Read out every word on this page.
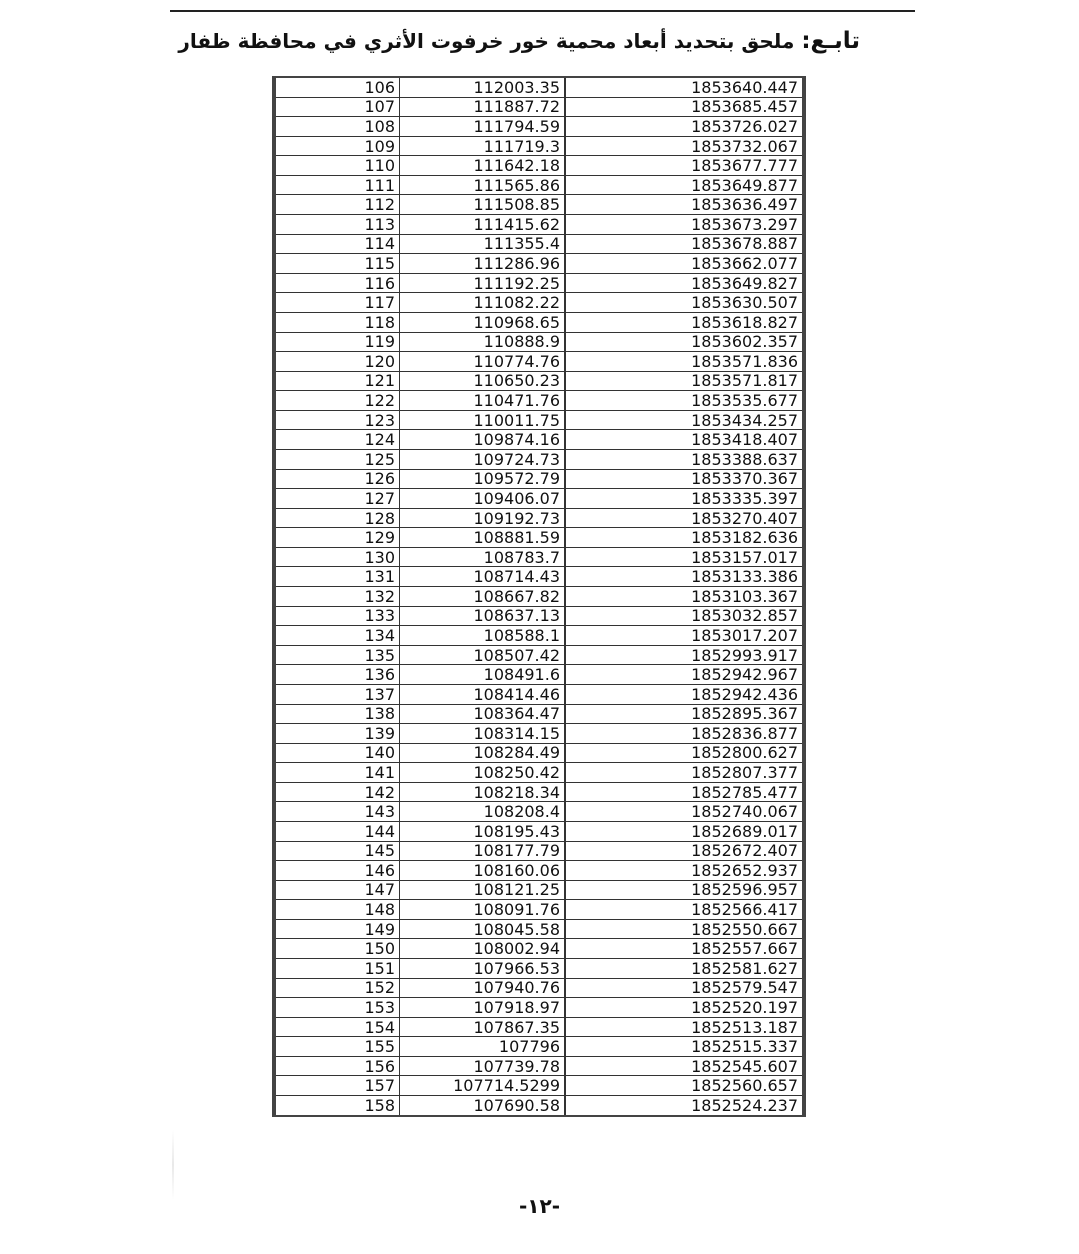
تابـع: ملحق بتحديد أبعاد محمية خور خرفوت الأثري في محافظة ظفار
106	112003.35	1853640.447
107	111887.72	1853685.457
108	111794.59	1853726.027
109	111719.3	1853732.067
110	111642.18	1853677.777
111	111565.86	1853649.877
112	111508.85	1853636.497
113	111415.62	1853673.297
114	111355.4	1853678.887
115	111286.96	1853662.077
116	111192.25	1853649.827
117	111082.22	1853630.507
118	110968.65	1853618.827
119	110888.9	1853602.357
120	110774.76	1853571.836
121	110650.23	1853571.817
122	110471.76	1853535.677
123	110011.75	1853434.257
124	109874.16	1853418.407
125	109724.73	1853388.637
126	109572.79	1853370.367
127	109406.07	1853335.397
128	109192.73	1853270.407
129	108881.59	1853182.636
130	108783.7	1853157.017
131	108714.43	1853133.386
132	108667.82	1853103.367
133	108637.13	1853032.857
134	108588.1	1853017.207
135	108507.42	1852993.917
136	108491.6	1852942.967
137	108414.46	1852942.436
138	108364.47	1852895.367
139	108314.15	1852836.877
140	108284.49	1852800.627
141	108250.42	1852807.377
142	108218.34	1852785.477
143	108208.4	1852740.067
144	108195.43	1852689.017
145	108177.79	1852672.407
146	108160.06	1852652.937
147	108121.25	1852596.957
148	108091.76	1852566.417
149	108045.58	1852550.667
150	108002.94	1852557.667
151	107966.53	1852581.627
152	107940.76	1852579.547
153	107918.97	1852520.197
154	107867.35	1852513.187
155	107796	1852515.337
156	107739.78	1852545.607
157	107714.5299	1852560.657
158	107690.58	1852524.237
-١٢-
